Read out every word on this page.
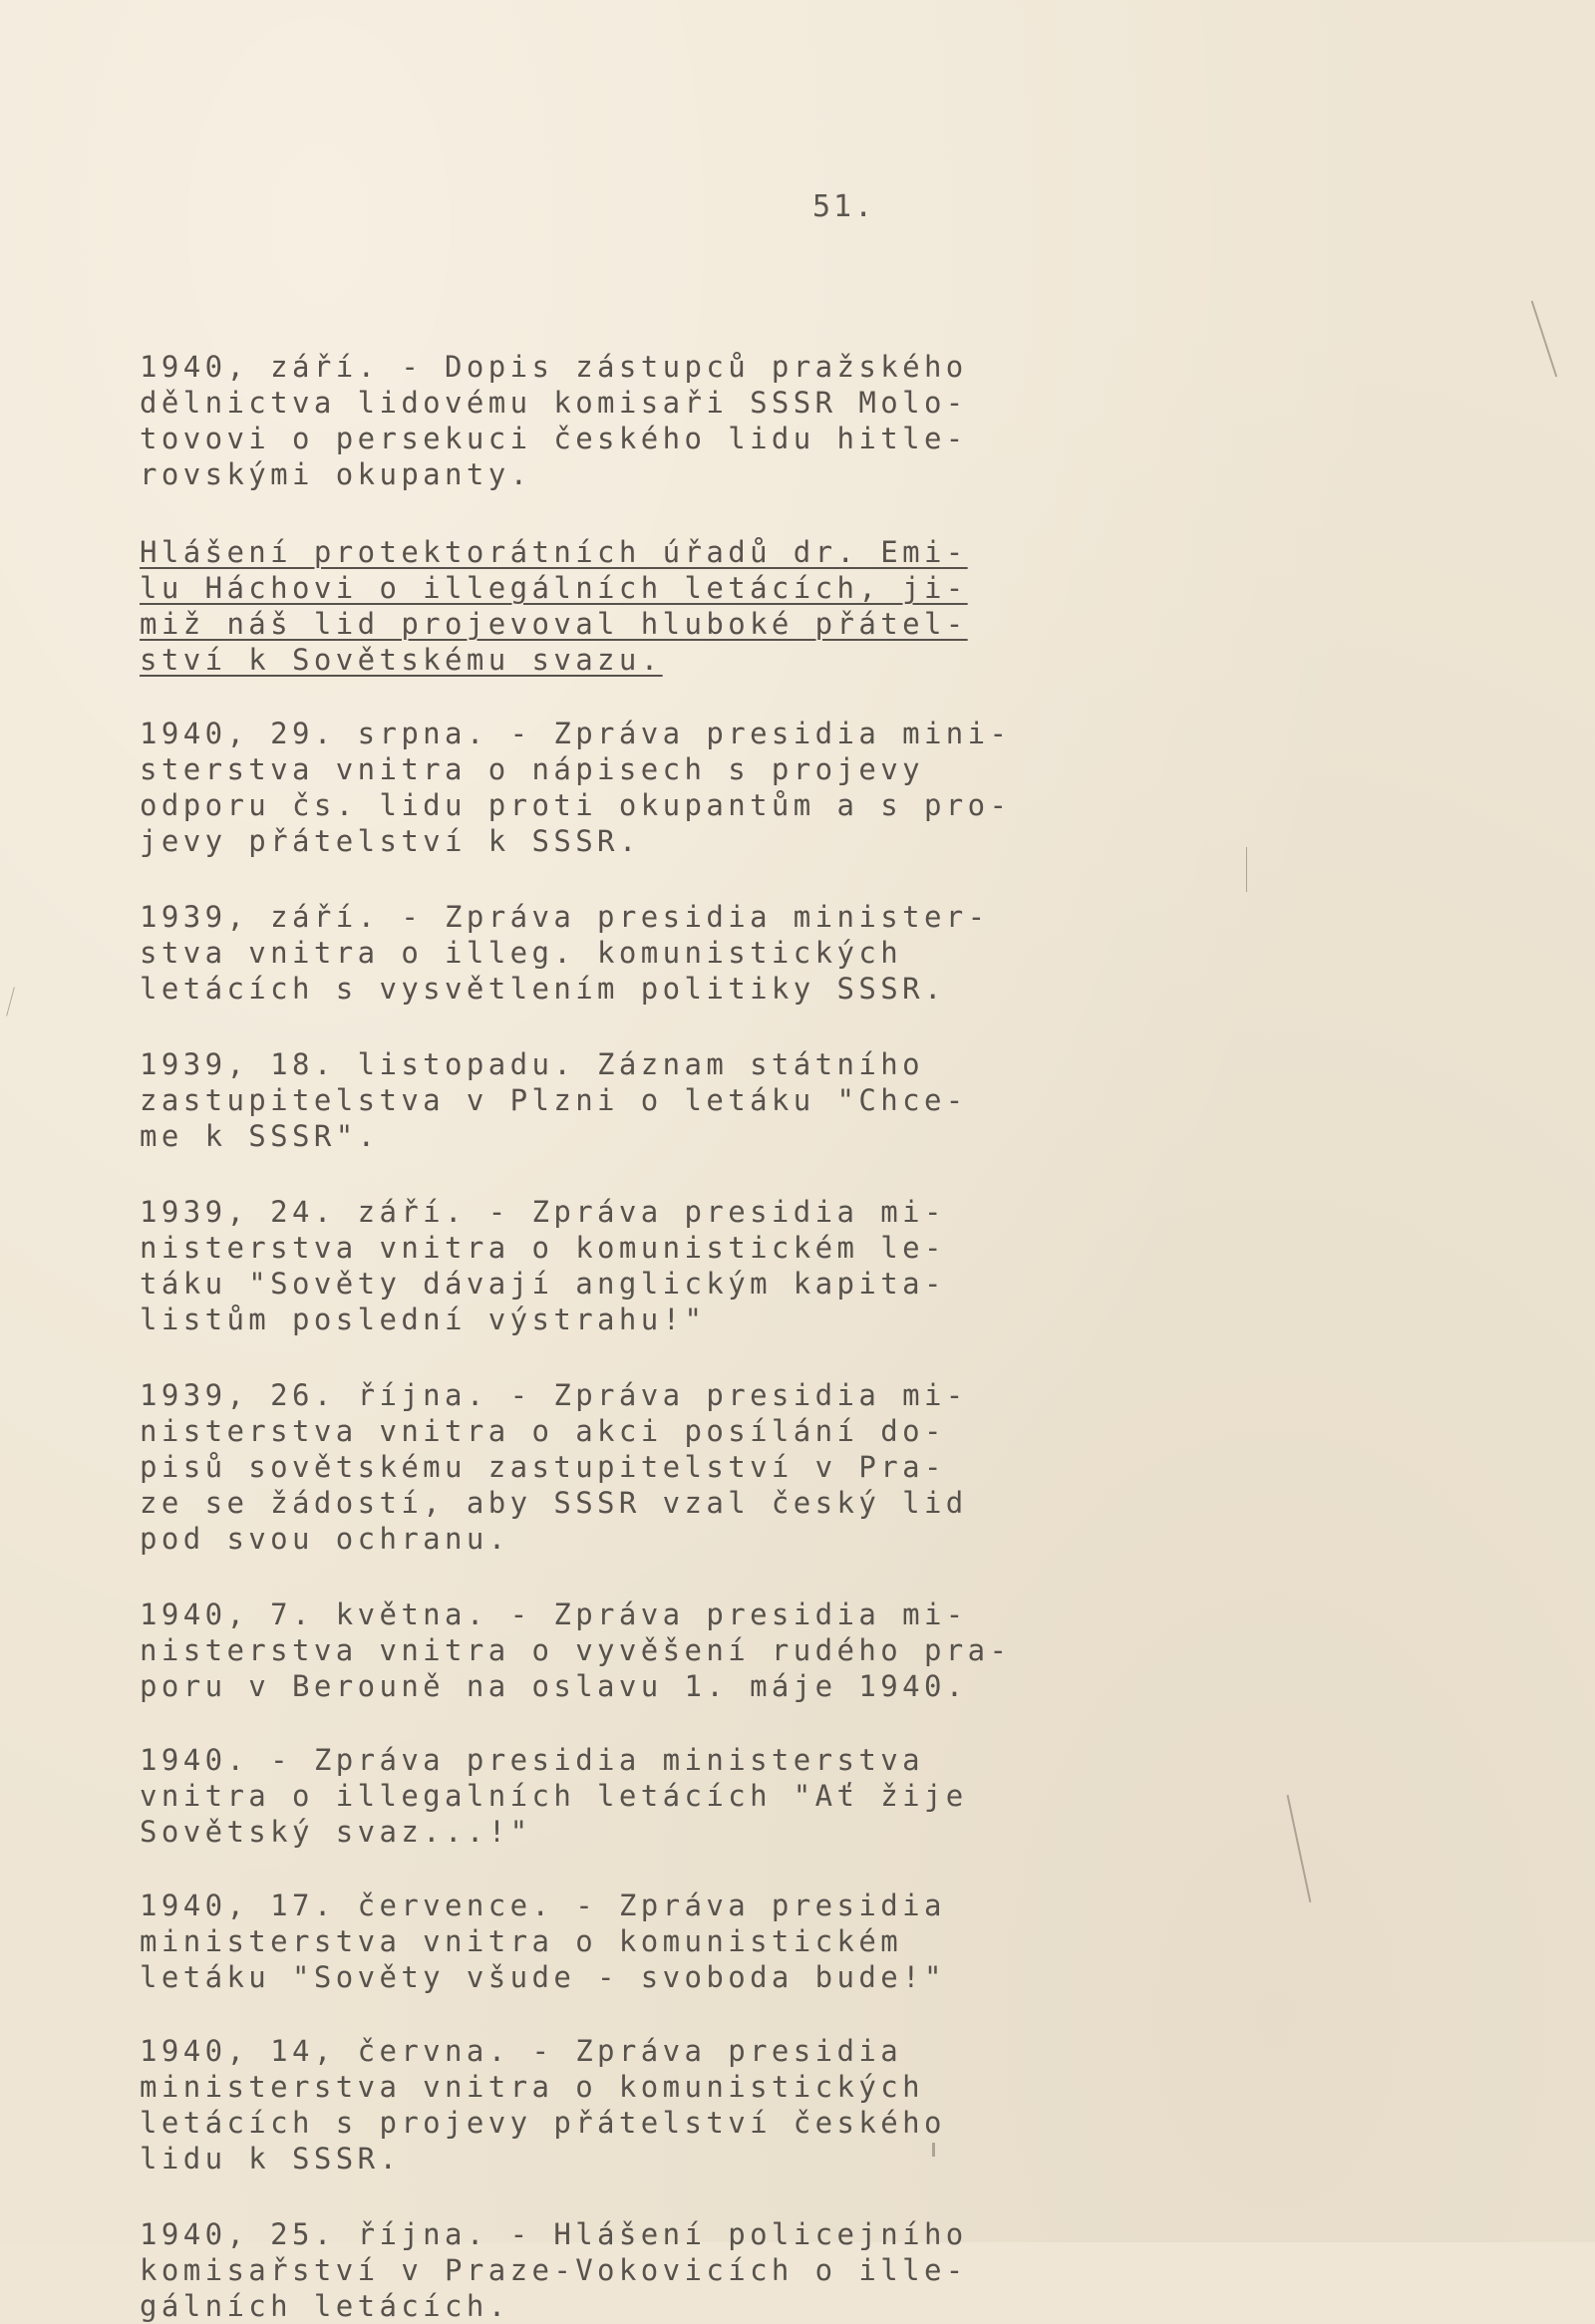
51.

1940, září. - Dopis zástupců pražského
dělnictva lidovému komisaři SSSR Molo-
tovovi o persekuci českého lidu hitle-
rovskými okupanty.

Hlášení protektorátních úřadů dr. Emi-
lu Háchovi o illegálních letácích, ji-
miž náš lid projevoval hluboké přátel-
ství k Sovětskému svazu.

1940, 29. srpna. - Zpráva presidia mini-
sterstva vnitra o nápisech s projevy
odporu čs. lidu proti okupantům a s pro-
jevy přátelství k SSSR.

1939, září. - Zpráva presidia minister-
stva vnitra o illeg. komunistických
letácích s vysvětlením politiky SSSR.

1939, 18. listopadu. Záznam státního
zastupitelstva v Plzni o letáku "Chce-
me k SSSR".

1939, 24. září. - Zpráva presidia mi-
nisterstva vnitra o komunistickém le-
táku "Sověty dávají anglickým kapita-
listům poslední výstrahu!"

1939, 26. října. - Zpráva presidia mi-
nisterstva vnitra o akci posílání do-
pisů sovětskému zastupitelství v Pra-
ze se žádostí, aby SSSR vzal český lid
pod svou ochranu.

1940, 7. května. - Zpráva presidia mi-
nisterstva vnitra o vyvěšení rudého pra-
poru v Berouně na oslavu 1. máje 1940.

1940. - Zpráva presidia ministerstva
vnitra o illegalních letácích "Ať žije
Sovětský svaz...!"

1940, 17. července. - Zpráva presidia
ministerstva vnitra o komunistickém
letáku "Sověty všude - svoboda bude!"

1940, 14, června. - Zpráva presidia
ministerstva vnitra o komunistických
letácích s projevy přátelství českého
lidu k SSSR.

1940, 25. října. - Hlášení policejního
komisařství v Praze-Vokovicích o ille-
gálních letácích.
